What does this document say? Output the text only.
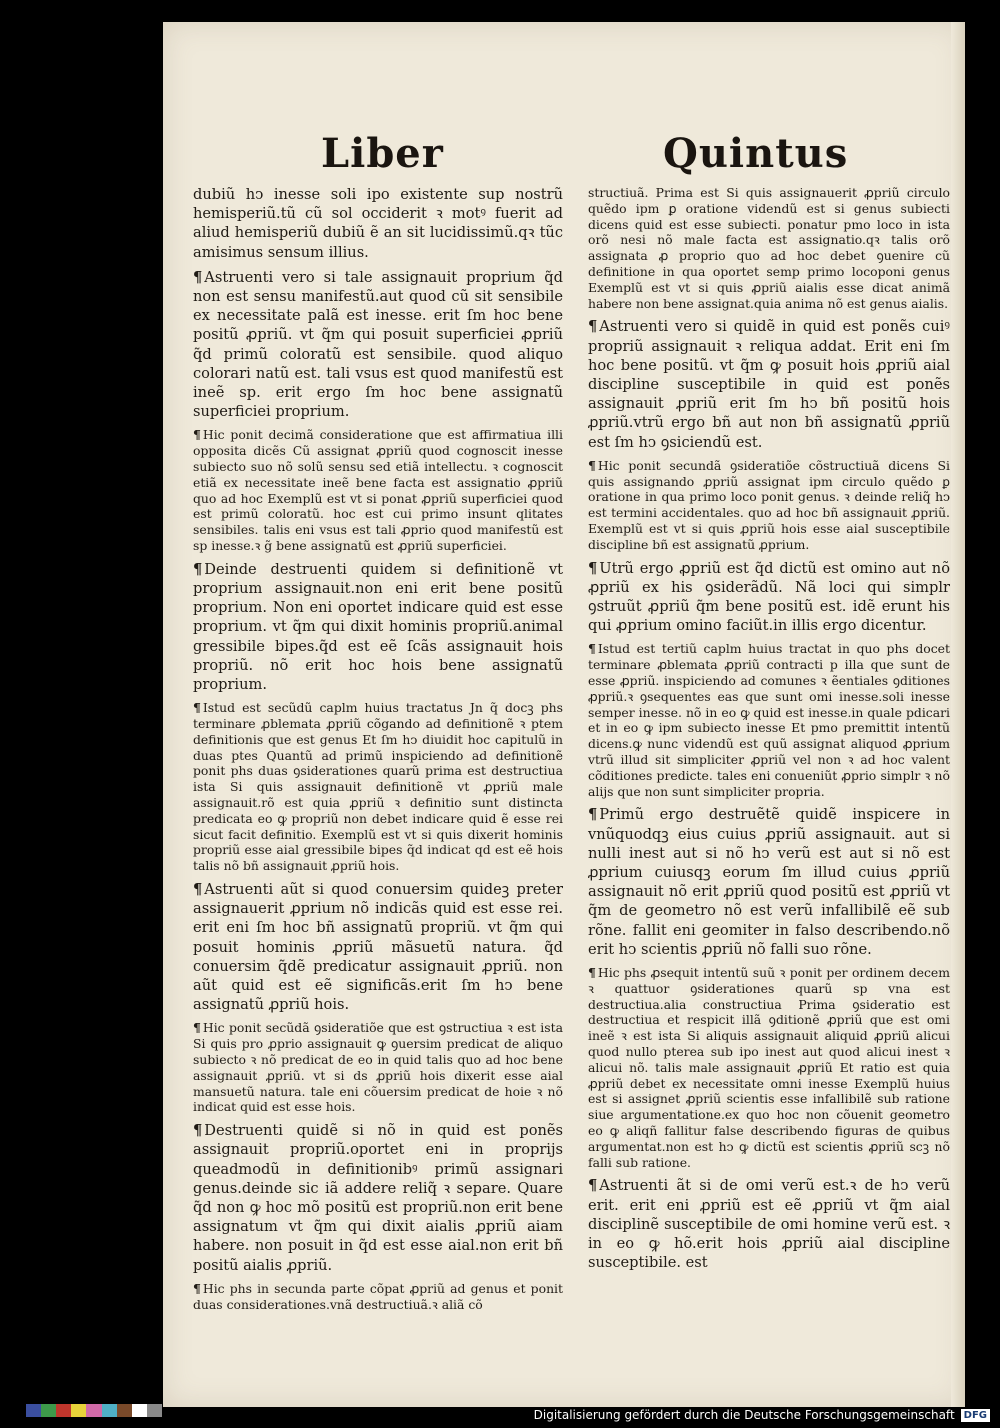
Liber	Quintus

dubiũ hↄ inesse soli ipo existente sup nostrũ hemisperiũ.tũ cũ sol occiderit ꝛ motꝰ fuerit ad aliud hemisperiũ dubiũ ẽ an sit lucidissimũ.qꝛ tũc amisimus sensum illius.

¶ Astruenti vero si tale assignauit proprium q̃d non est sensu manifestũ.aut quod cũ sit sensibile ex necessitate palã est inesse. erit ſm hoc bene positũ ꝓpriũ. vt q̃m qui posuit superficiei ꝓpriũ q̃d primũ coloratũ est sensibile. quod aliquo colorari natũ est. tali vsus est quod manifestũ est ineẽ sp. erit ergo ſm hoc bene assignatũ superficiei proprium.

¶ Hic ponit decimã consideratione que est affirmatiua illi opposita dicẽs Cũ assignat ꝓpriũ quod cognoscit inesse subiecto suo nõ solũ sensu sed etiã intellectu. ꝛ cognoscit etiã ex necessitate ineẽ bene facta est assignatio ꝓpriũ quo ad hoc Exemplũ est vt si ponat ꝓpriũ superficiei quod est primũ coloratũ. hoc est cui primo insunt qlitates sensibiles. talis eni vsus est tali ꝓprio quod manifestũ est sp inesse.ꝛ g̃ bene assignatũ est ꝓpriũ superficiei.

¶ Deinde destruenti quidem si definitionẽ vt proprium assignauit.non eni erit bene positũ proprium. Non eni oportet indicare quid est esse proprium. vt q̃m qui dixit hominis propriũ.animal gressibile bipes.q̃d est eẽ ſcãs assignauit hois propriũ. nõ erit hoc hois bene assignatũ proprium.

¶ Istud est secũdũ caplm huius tractatus Jn q̃ docꝫ phs terminare ꝓblemata ꝓpriũ cõgando ad definitionẽ ꝛ ptem definitionis que est genus Et ſm hↄ diuidit hoc capitulũ in duas ptes Quantũ ad primũ inspiciendo ad definitionẽ ponit phs duas ꝯsiderationes quarũ prima est destructiua ista Si quis assignauit definitionẽ vt ꝓpriũ male assignauit.rõ est quia ꝓpriũ ꝛ definitio sunt distincta predicata eo ꝙ propriũ non debet indicare quid ẽ esse rei sicut facit definitio. Exemplũ est vt si quis dixerit hominis propriũ esse aial gressibile bipes q̃d indicat qd est eẽ hois talis nõ bñ assignauit ꝓpriũ hois.

¶ Astruenti aũt si quod conuersim quideꝫ preter assignauerit ꝓprium nõ indicãs quid est esse rei. erit eni ſm hoc bñ assignatũ propriũ. vt q̃m qui posuit hominis ꝓpriũ mãsuetũ natura. q̃d conuersim q̃dẽ predicatur assignauit ꝓpriũ. non aũt quid est eẽ significãs.erit ſm hↄ bene assignatũ ꝓpriũ hois.

¶ Hic ponit secũdã ꝯsideratiõe que est ꝯstructiua ꝛ est ista Si quis pro ꝓprio assignauit ꝙ ꝯuersim predicat de aliquo subiecto ꝛ nõ predicat de eo in quid talis quo ad hoc bene assignauit ꝓpriũ. vt si ds ꝓpriũ hois dixerit esse aial mansuetũ natura. tale eni cõuersim predicat de hoie ꝛ nõ indicat quid est esse hois.

¶ Destruenti quidẽ si nõ in quid est ponẽs assignauit propriũ.oportet eni in proprijs queadmodũ in definitionibꝰ primũ assignari genus.deinde sic iã addere reliq̃ ꝛ separe. Quare q̃d non ꝙ hoc mõ positũ est propriũ.non erit bene assignatum vt q̃m qui dixit aialis ꝓpriũ aiam habere. non posuit in q̃d est esse aial.non erit bñ positũ aialis ꝓpriũ.

¶ Hic phs in secunda parte cõpat ꝓpriũ ad genus et ponit duas considerationes.vnã destructiuã.ꝛ aliã cõ

structiuã. Prima est Si quis assignauerit ꝓpriũ circulo quẽdo ipm ꝑ oratione videndũ est si genus subiecti dicens quid est esse subiecti. ponatur pmo loco in ista orõ nesi nõ male facta est assignatio.qꝛ talis orõ assignata ꝓ proprio quo ad hoc debet ꝯuenire cũ definitione in qua oportet semp primo locoponi genus Exemplũ est vt si quis ꝓpriũ aialis esse dicat animã habere non bene assignat.quia anima nõ est genus aialis.

¶ Astruenti vero si quidẽ in quid est ponẽs cuiꝰ propriũ assignauit ꝛ reliqua addat. Erit eni ſm hoc bene positũ. vt q̃m ꝙ posuit hois ꝓpriũ aial discipline susceptibile in quid est ponẽs assignauit ꝓpriũ erit ſm hↄ bñ positũ hois ꝓpriũ.vtrũ ergo bñ aut non bñ assignatũ ꝓpriũ est ſm hↄ ꝯsiciendũ est.

¶ Hic ponit secundã ꝯsideratiõe cõstructiuã dicens Si quis assignando ꝓpriũ assignat ipm circulo quẽdo ꝑ oratione in qua primo loco ponit genus. ꝛ deinde reliq̃ hↄ est termini accidentales. quo ad hoc bñ assignauit ꝓpriũ. Exemplũ est vt si quis ꝓpriũ hois esse aial susceptibile discipline bñ est assignatũ ꝓprium.

¶ Utrũ ergo ꝓpriũ est q̃d dictũ est omino aut nõ ꝓpriũ ex his ꝯsiderãdũ. Nã loci qui simplr ꝯstruũt ꝓpriũ q̃m bene positũ est. idẽ erunt his qui ꝓprium omino faciũt.in illis ergo dicentur.

¶ Istud est tertiũ caplm huius tractat in quo phs docet terminare ꝓblemata ꝓpriũ contracti p illa que sunt de esse ꝓpriũ. inspiciendo ad comunes ꝛ ẽentiales ꝯditiones ꝓpriũ.ꝛ ꝯsequentes eas que sunt omi inesse.soli inesse semper inesse. nõ in eo ꝙ quid est inesse.in quale pdicari et in eo ꝙ ipm subiecto inesse Et pmo premittit intentũ dicens.ꝙ nunc videndũ est quũ assignat aliquod ꝓprium vtrũ illud sit simpliciter ꝓpriũ vel non ꝛ ad hoc valent cõditiones predicte. tales eni conueniũt ꝓprio simplr ꝛ nõ alijs que non sunt simpliciter propria.

¶ Primũ ergo destruẽtẽ quidẽ inspicere in vnũquodqꝫ eius cuius ꝓpriũ assignauit. aut si nulli inest aut si nõ hↄ verũ est aut si nõ est ꝓprium cuiusqꝫ eorum ſm illud cuius ꝓpriũ assignauit nõ erit ꝓpriũ quod positũ est ꝓpriũ vt q̃m de geometro nõ est verũ infallibilẽ eẽ sub rõne. fallit eni geomiter in falso describendo.nõ erit hↄ scientis ꝓpriũ nõ falli suo rõne.

¶ Hic phs ꝓsequit intentũ suũ ꝛ ponit per ordinem decem ꝛ quattuor ꝯsiderationes quarũ sp vna est destructiua.alia constructiua Prima ꝯsideratio est destructiua et respicit illã ꝯditionẽ ꝓpriũ que est omi ineẽ ꝛ est ista Si aliquis assignauit aliquid ꝓpriũ alicui quod nullo pterea sub ipo inest aut quod alicui inest ꝛ alicui nõ. talis male assignauit ꝓpriũ Et ratio est quia ꝓpriũ debet ex necessitate omni inesse Exemplũ huius est si assignet ꝓpriũ scientis esse infallibilẽ sub ratione siue argumentatione.ex quo hoc non cõuenit geometro eo ꝙ aliqñ fallitur false describendo figuras de quibus argumentat.non est hↄ ꝙ dictũ est scientis ꝓpriũ scꝫ nõ falli sub ratione.

¶ Astruenti ãt si de omi verũ est.ꝛ de hↄ verũ erit. erit eni ꝓpriũ est eẽ ꝓpriũ vt q̃m aial disciplinẽ susceptibile de omi homine verũ est. ꝛ in eo ꝙ hõ.erit hois ꝓpriũ aial discipline susceptibile. est

Digitalisierung gefördert durch die Deutsche Forschungsgemeinschaft DFG
